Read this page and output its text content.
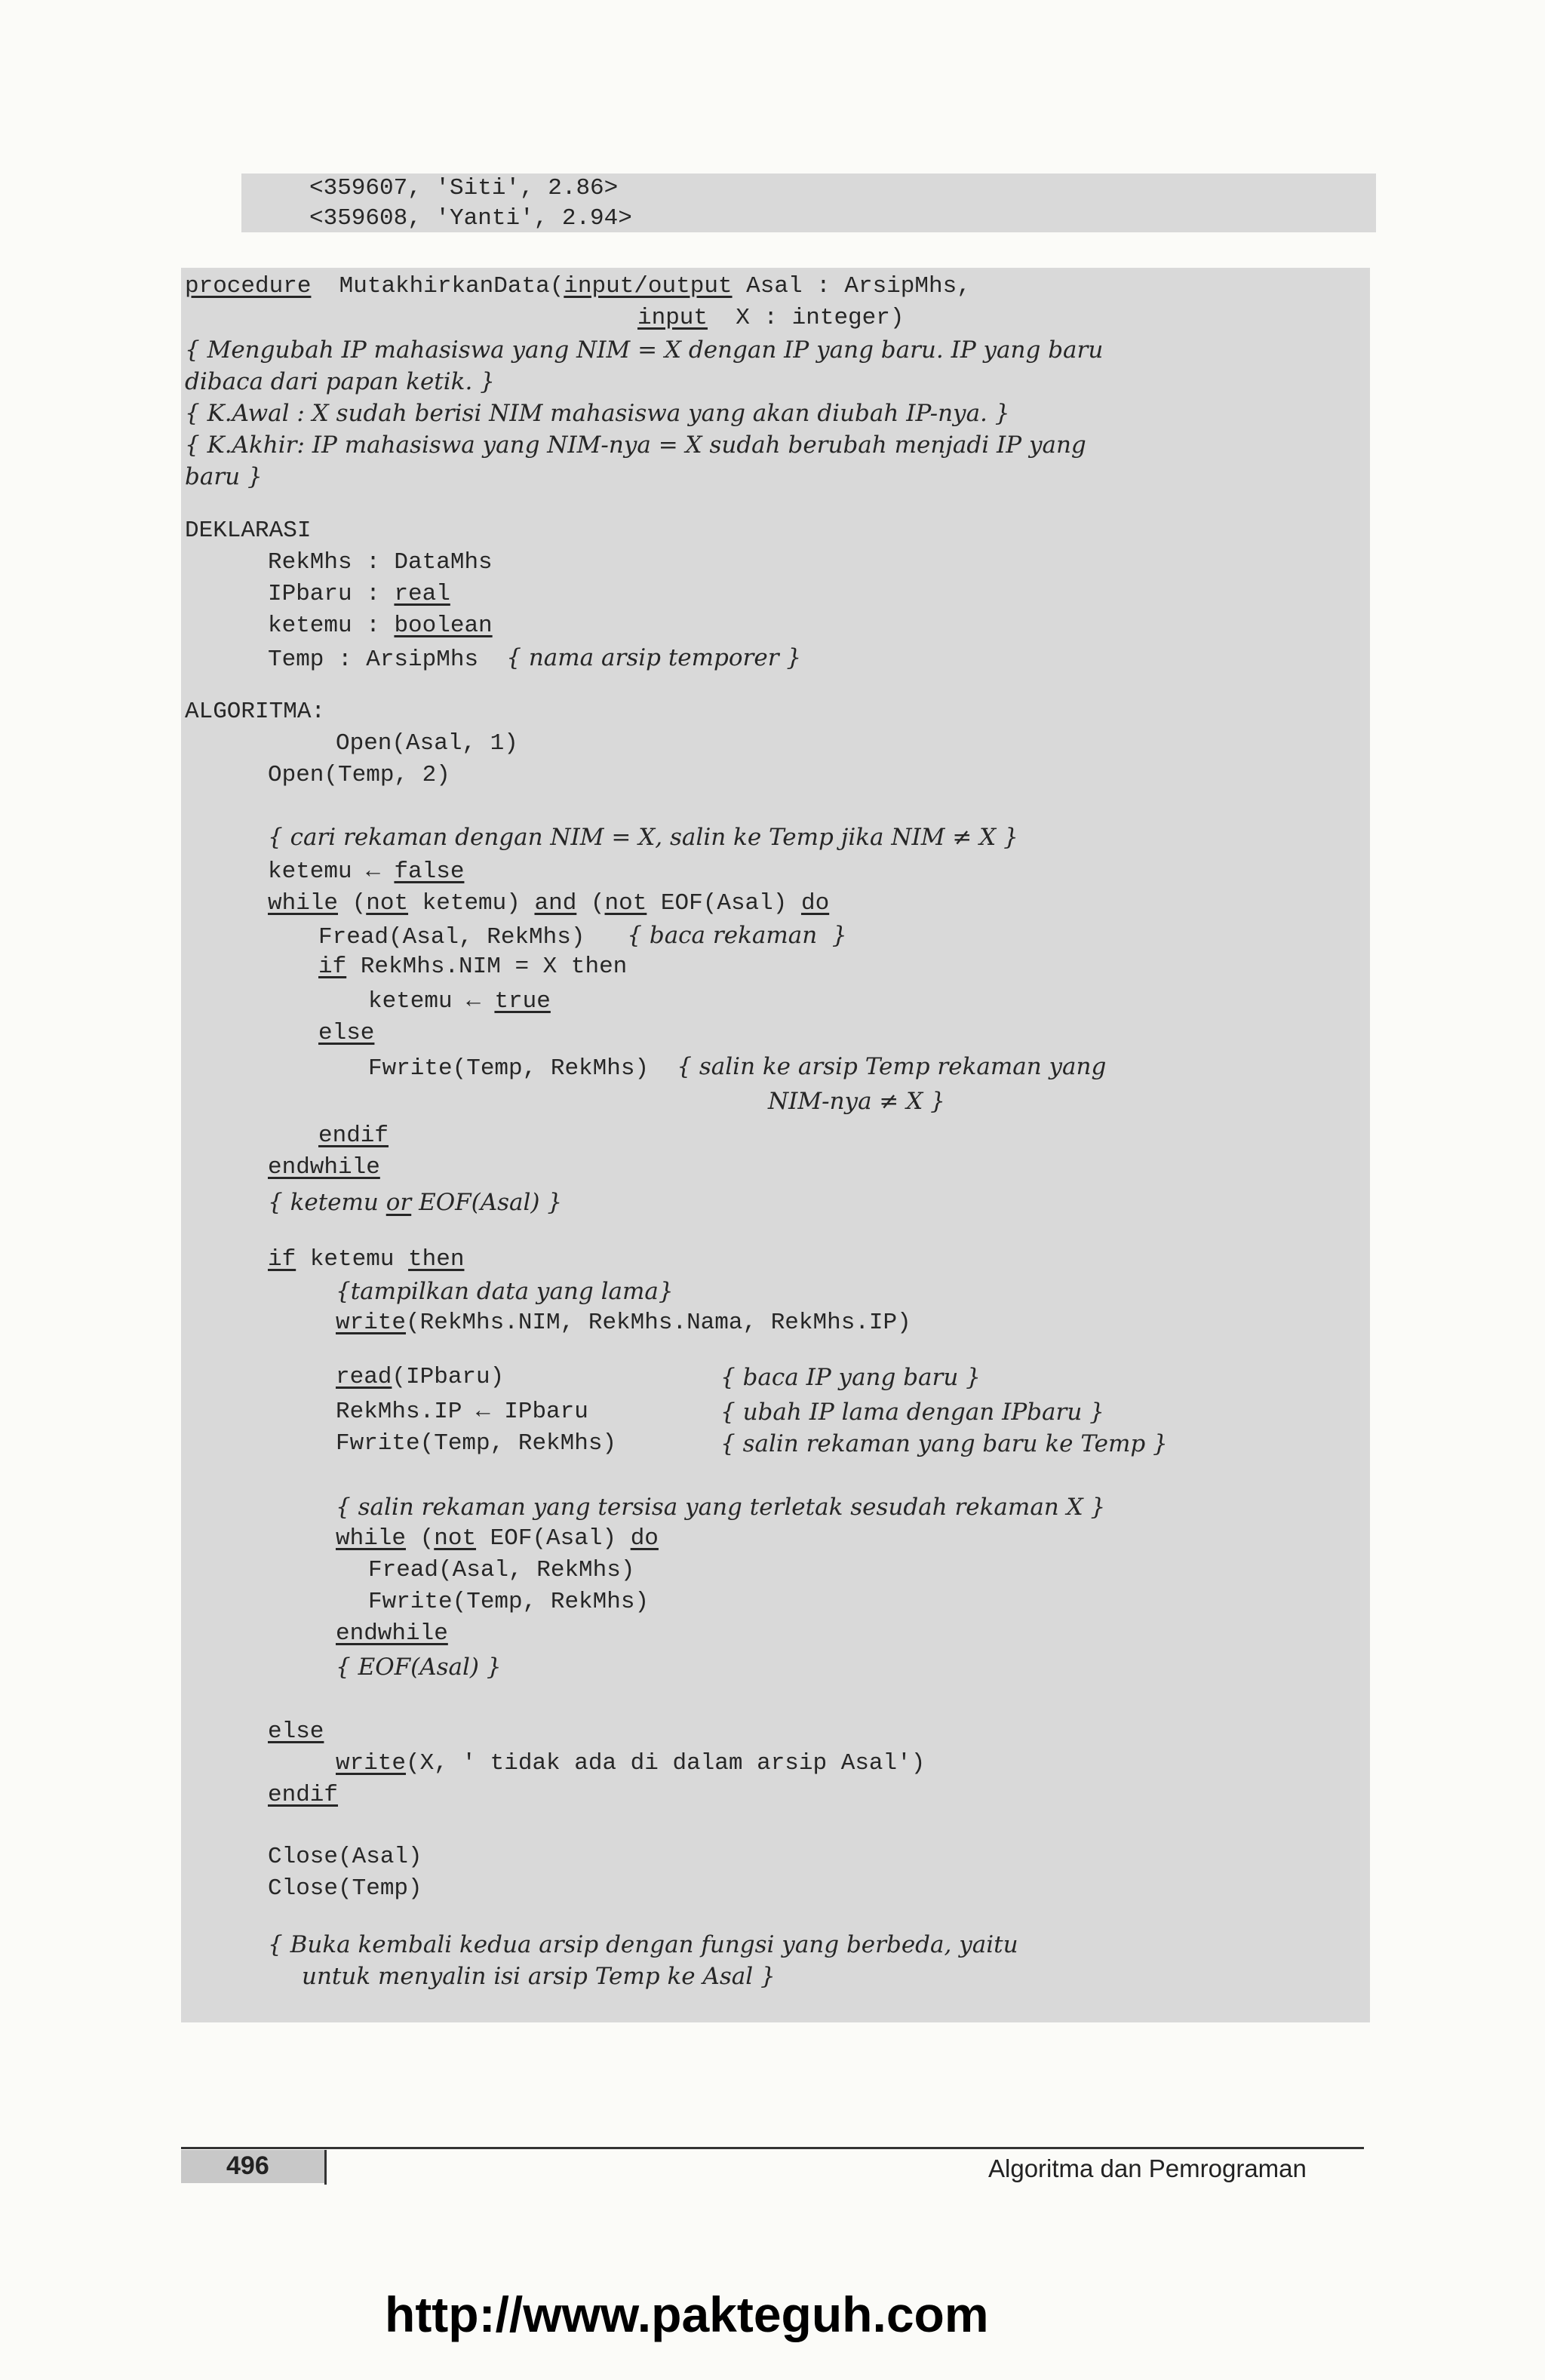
<359607, 'Siti', 2.86>
<359608, 'Yanti', 2.94>
procedure  MutakhirkanData(input/output Asal : ArsipMhs,
input  X : integer)
{ Mengubah IP mahasiswa yang NIM = X dengan IP yang baru. IP yang baru
dibaca dari papan ketik. }
{ K.Awal : X sudah berisi NIM mahasiswa yang akan diubah IP-nya. }
{ K.Akhir: IP mahasiswa yang NIM-nya = X sudah berubah menjadi IP yang
baru }
DEKLARASI
RekMhs : DataMhs
IPbaru : real
ketemu : boolean
Temp : ArsipMhs  { nama arsip temporer }
ALGORITMA:
Open(Asal, 1)
Open(Temp, 2)
{ cari rekaman dengan NIM = X, salin ke Temp jika NIM ≠ X }
ketemu ← false
while (not ketemu) and (not EOF(Asal) do
Fread(Asal, RekMhs)   { baca rekaman  }
if RekMhs.NIM = X then
ketemu ← true
else
Fwrite(Temp, RekMhs)  { salin ke arsip Temp rekaman yang
NIM-nya ≠ X }
endif
endwhile
{ ketemu or EOF(Asal) }
if ketemu then
{tampilkan data yang lama}
write(RekMhs.NIM, RekMhs.Nama, RekMhs.IP)
read(IPbaru)	{ baca IP yang baru }
RekMhs.IP ← IPbaru	{ ubah IP lama dengan IPbaru }
Fwrite(Temp, RekMhs)	{ salin rekaman yang baru ke Temp }
{ salin rekaman yang tersisa yang terletak sesudah rekaman X }
while (not EOF(Asal) do
Fread(Asal, RekMhs)
Fwrite(Temp, RekMhs)
endwhile
{ EOF(Asal) }
else
write(X, ' tidak ada di dalam arsip Asal')
endif
Close(Asal)
Close(Temp)
{ Buka kembali kedua arsip dengan fungsi yang berbeda, yaitu
untuk menyalin isi arsip Temp ke Asal }
496	Algoritma dan Pemrograman
http://www.pakteguh.com
